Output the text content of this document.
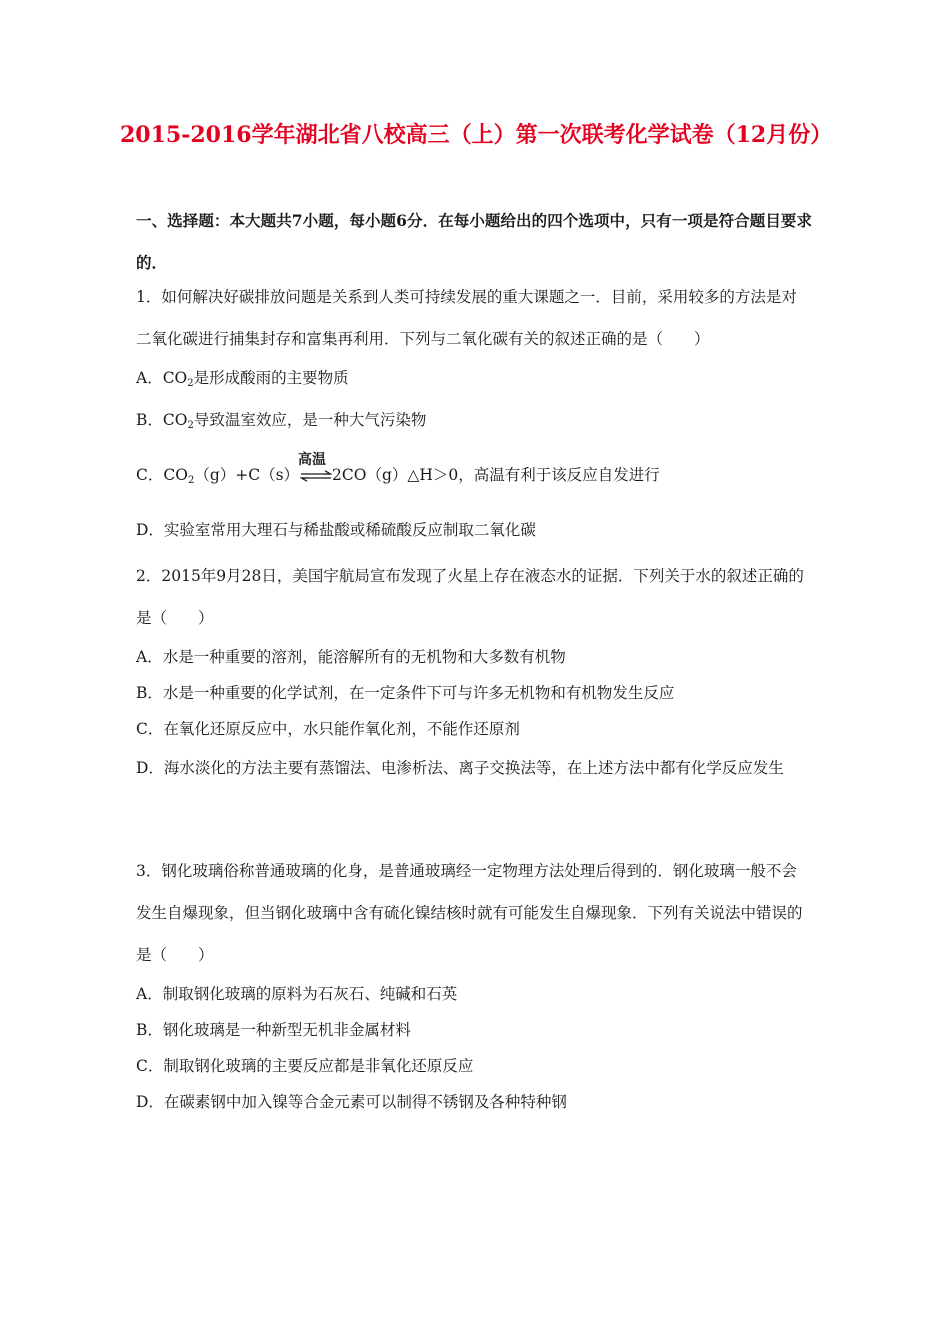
2015-2016学年湖北省八校高三（上）第一次联考化学试卷（12月份）
一、选择题：本大题共7小题，每小题6分．在每小题给出的四个选项中，只有一项是符合题目要求的．
1．如何解决好碳排放问题是关系到人类可持续发展的重大课题之一．目前，采用较多的方法是对二氧化碳进行捕集封存和富集再利用．下列与二氧化碳有关的叙述正确的是（　　）
A．$CO_2$是形成酸雨的主要物质
B．$CO_2$导致温室效应，是一种大气污染物
C．$CO_2(g)+C(s)$
高温
2CO（g）△H＞0，高温有利于该反应自发进行
D．实验室常用大理石与稀盐酸或稀硫酸反应制取二氧化碳
2．2015年9月28日，美国宇航局宣布发现了火星上存在液态水的证据．下列关于水的叙述正确的是（　　）
A．水是一种重要的溶剂，能溶解所有的无机物和大多数有机物
B．水是一种重要的化学试剂，在一定条件下可与许多无机物和有机物发生反应
C．在氧化还原反应中，水只能作氧化剂，不能作还原剂
D．海水淡化的方法主要有蒸馏法、电渗析法、离子交换法等，在上述方法中都有化学反应发生
3．钢化玻璃俗称普通玻璃的化身，是普通玻璃经一定物理方法处理后得到的．钢化玻璃一般不会发生自爆现象，但当钢化玻璃中含有硫化镍结核时就有可能发生自爆现象．下列有关说法中错误的是（　　）
A．制取钢化玻璃的原料为石灰石、纯碱和石英
B．钢化玻璃是一种新型无机非金属材料
C．制取钢化玻璃的主要反应都是非氧化还原反应
D．在碳素钢中加入镍等合金元素可以制得不锈钢及各种特种钢
